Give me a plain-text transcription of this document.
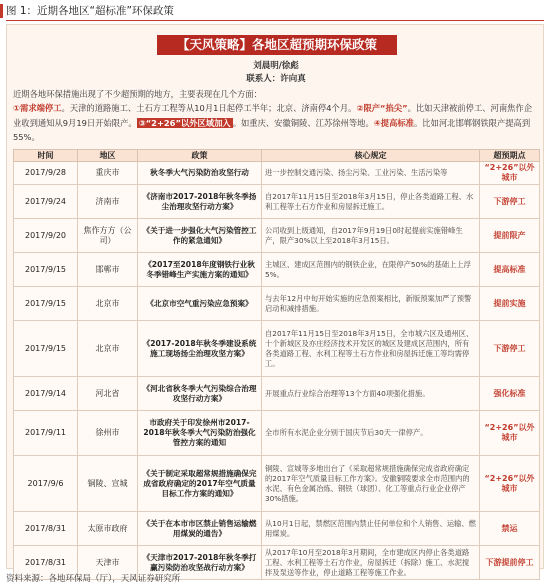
图 1：近期各地区“超标准”环保政策
【天风策略】各地区超预期环保政策
刘晨明/徐彪
联系人：许向真
近期各地环保措施出现了不少超预期的地方，主要表现在几个方面：
①需求端停工。天津的道路施工、土石方工程等从10月1日起停工半年；北京、济南停4个月。②限产“掐尖”。比如天津被前停工、河南焦作企业收到通知从9月19日开始限产。 ③“2+26”以外区域加入 。如重庆、安徽铜陵、江苏徐州等地。④提高标准。比如河北邯郸钢铁限产提高到55%。
时间	地区	政策	核心规定	超预期点
2017/9/28	重庆市	秋冬季大气污染防治攻坚行动	进一步控制交通污染、扬尘污染、工业污染、生活污染等	“2+26”以外城市
2017/9/24	济南市	《济南市2017-2018年秋冬季扬尘治理攻坚行动方案》	自2017年11月15日至2018年3月15日，停止各类道路工程、水利工程等土石方作业和房屋拆迁施工。	下游停工
2017/9/20	焦作方方（公司）	《关于进一步强化大气污染管控工作的紧急通知》	公司收到上级通知，自2017年9月19日0时起提前实施错峰生产，限产30%以上至2018年3月15日。	提前限产
2017/9/15	邯郸市	《2017至2018年度钢铁行业秋冬季错峰生产实施方案的通知》	主城区、建成区范围内的钢铁企业，在限停产50%的基础上上浮5%。	提高标准
2017/9/15	北京市	《北京市空气重污染应急预案》	与去年12月中旬开始实施的应急预案相比，新版预案加严了预警启动和减排措施。	提前实施
2017/9/15	北京市	《2017-2018年秋冬季建设系统施工现场扬尘治理攻坚方案》	自2017年11月15日至2018年3月15日，全市城六区及通州区、十个新城区及亦庄经济技术开发区的城区及建成区范围内，所有各类道路工程、水利工程等土石方作业和房屋拆迁施工等均需停工。	下游停工
2017/9/14	河北省	《河北省秋冬季大气污染综合治理攻坚行动方案》	开展重点行业综合治理等13个方面40项强化措施。	强化标准
2017/9/11	徐州市	市政府关于印发徐州市2017-2018年秋冬季大气污染防治强化管控方案的通知	全市所有水泥企业分别于国庆节后30天一律停产。	“2+26”以外城市
2017/9/6	铜陵、宣城	《关于制定采取超常规措施确保完成省政府确定的2017年空气质量目标工作方案的通知》	铜陵、宣城等多地出台了《采取超常规措施确保完成省政府确定的2017年空气质量目标工作方案》。安徽铜陵要求全市范围内的水泥、有色金属冶炼、钢铁（球团）、化工等重点行业企业停产30%措施。	“2+26”以外城市
2017/8/31	太原市政府	《关于在本市市区禁止销售运输燃用煤炭的通告》	从10月1日起，禁燃区范围内禁止任何单位和个人销售、运输、燃用煤炭。	禁运
2017/8/31	天津市	《天津市2017-2018年秋冬季打赢污染防治攻坚战行动方案》	从2017年10月至2018年3月期间，全市建成区内停止各类道路工程、水利工程等土石方作业，房屋拆迁（拆除）施工、水泥搅拌及泵送等作业，停止道路工程等施工作业。	下游提前停工
资料来源：各地环保局（厅），天风证券研究所
